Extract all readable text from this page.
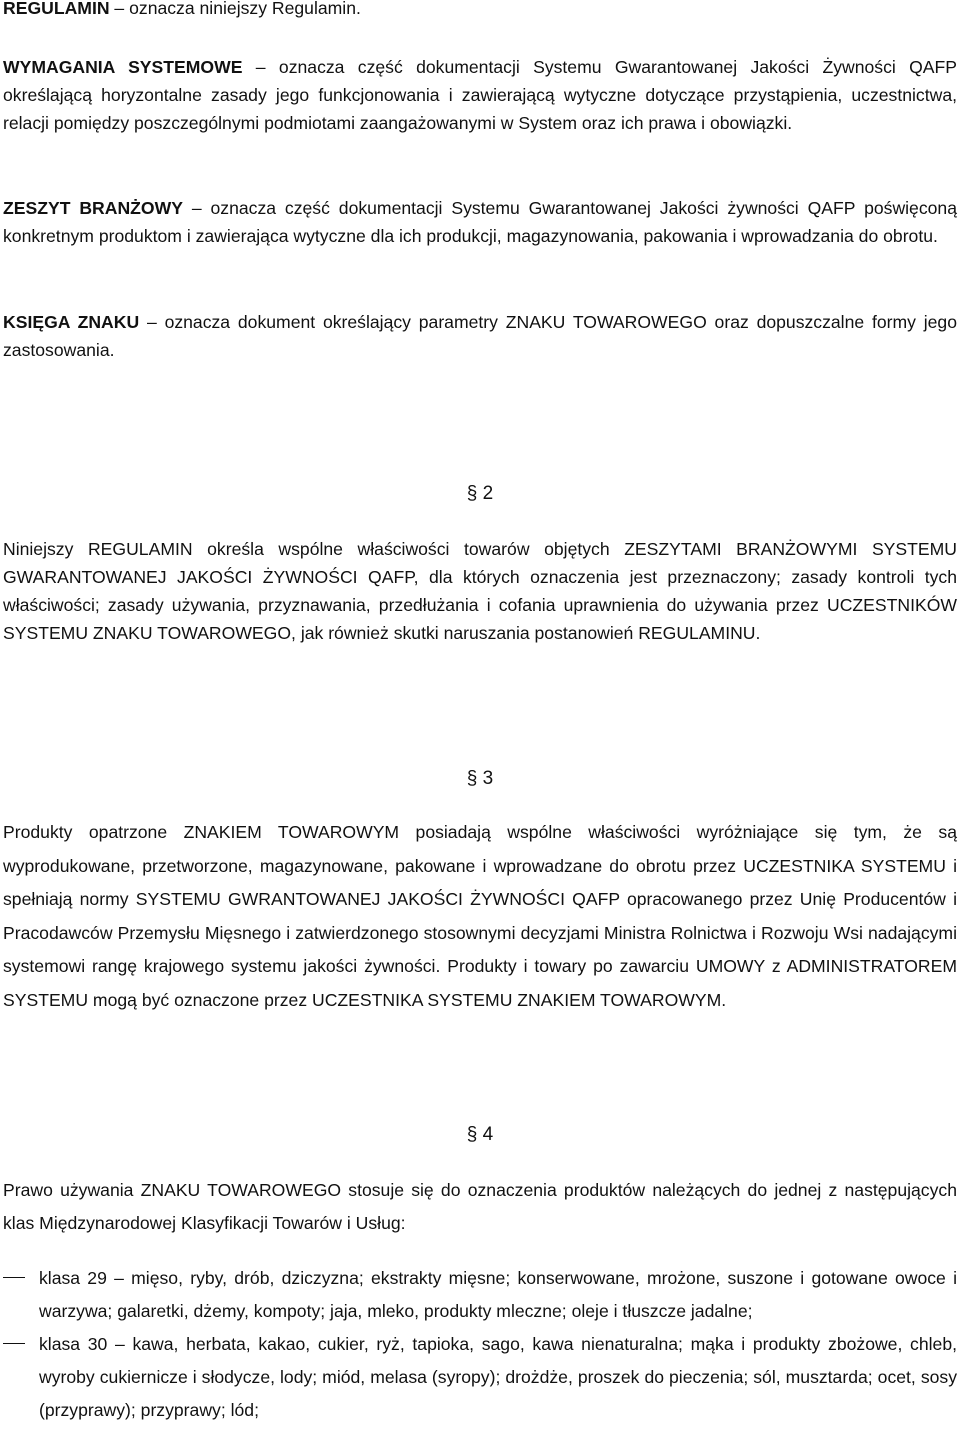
REGULAMIN – oznacza niniejszy Regulamin.

WYMAGANIA SYSTEMOWE – oznacza część dokumentacji Systemu Gwarantowanej Jakości Żywności QAFP określającą horyzontalne zasady jego funkcjonowania i zawierającą wytyczne dotyczące przystąpienia, uczestnictwa, relacji pomiędzy poszczególnymi podmiotami zaangażowanymi w System oraz ich prawa i obowiązki.

ZESZYT BRANŻOWY – oznacza część dokumentacji Systemu Gwarantowanej Jakości żywności QAFP poświęconą konkretnym produktom i zawierająca wytyczne dla ich produkcji, magazynowania, pakowania i wprowadzania do obrotu.

KSIĘGA ZNAKU – oznacza dokument określający parametry ZNAKU TOWAROWEGO oraz dopuszczalne formy jego zastosowania.

§ 2

Niniejszy REGULAMIN określa wspólne właściwości towarów objętych ZESZYTAMI BRANŻOWYMI SYSTEMU GWARANTOWANEJ JAKOŚCI ŻYWNOŚCI QAFP, dla których oznaczenia jest przeznaczony; zasady kontroli tych właściwości; zasady używania, przyznawania, przedłużania i cofania uprawnienia do używania przez UCZESTNIKÓW SYSTEMU ZNAKU TOWAROWEGO, jak również skutki naruszania postanowień REGULAMINU.

§ 3

Produkty opatrzone ZNAKIEM TOWAROWYM posiadają wspólne właściwości wyróżniające się tym, że są wyprodukowane, przetworzone, magazynowane, pakowane i wprowadzane do obrotu przez UCZESTNIKA SYSTEMU i spełniają normy SYSTEMU GWRANTOWANEJ JAKOŚCI ŻYWNOŚCI QAFP opracowanego przez Unię Producentów i Pracodawców Przemysłu Mięsnego i zatwierdzonego stosownymi decyzjami Ministra Rolnictwa i Rozwoju Wsi nadającymi systemowi rangę krajowego systemu jakości żywności. Produkty i towary po zawarciu UMOWY z ADMINISTRATOREM SYSTEMU mogą być oznaczone przez UCZESTNIKA SYSTEMU ZNAKIEM TOWAROWYM.

§ 4

Prawo używania ZNAKU TOWAROWEGO stosuje się do oznaczenia produktów należących do jednej z następujących klas Międzynarodowej Klasyfikacji Towarów i Usług:

klasa 29 – mięso, ryby, drób, dziczyzna; ekstrakty mięsne; konserwowane, mrożone, suszone i gotowane owoce i warzywa; galaretki, dżemy, kompoty; jaja, mleko, produkty mleczne; oleje i tłuszcze jadalne;
klasa 30 – kawa, herbata, kakao, cukier, ryż, tapioka, sago, kawa nienaturalna; mąka i produkty zbożowe, chleb, wyroby cukiernicze i słodycze, lody; miód, melasa (syropy); drożdże, proszek do pieczenia; sól, musztarda; ocet, sosy (przyprawy); przyprawy; lód;
